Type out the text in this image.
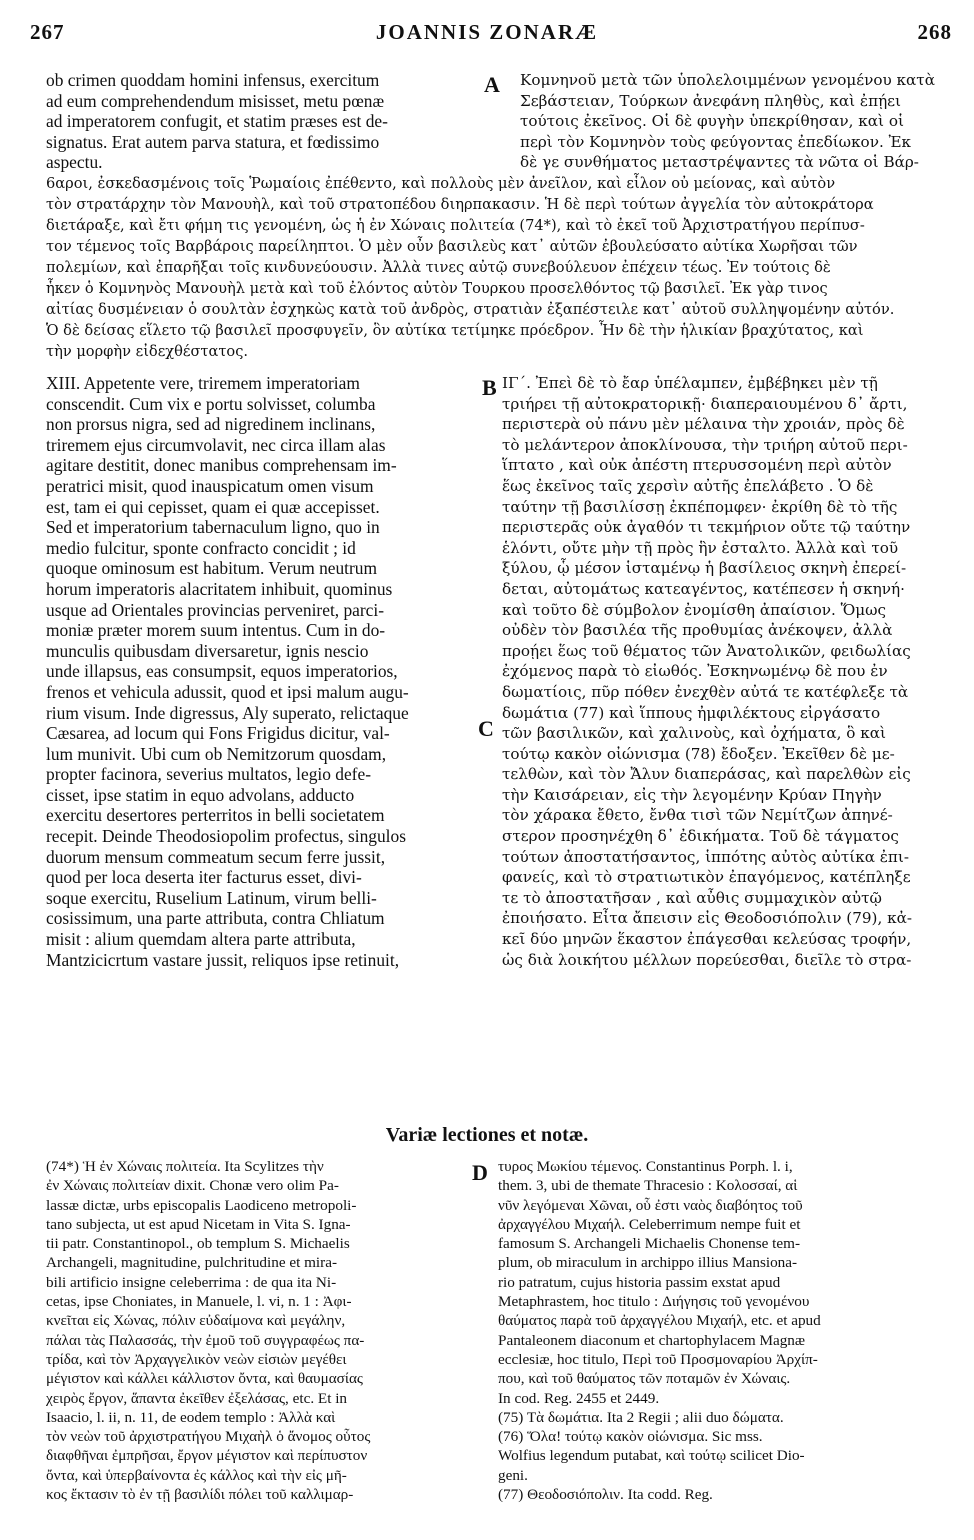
267	JOANNIS ZONARÆ	268
ob crimen quoddam homini infensus, exercitum
ad eum comprehendendum misisset, metu pœnæ
ad imperatorem confugit, et statim præses est de-
signatus. Erat autem parva statura, et fœdissimo
aspectu.
A Κομνηνοῦ μετὰ τῶν ὑπολελοιμμένων γενομένου κατὰ
Σεβάστειαν, Τούρκων ἀνεφάνη πληθὺς, καὶ ἐπῄει
τούτοις ἐκεῖνος. Οἱ δὲ φυγὴν ὑπεκρίθησαν, καὶ οἱ
περὶ τὸν Κομνηνὸν τοὺς φεύγοντας ἐπεδίωκον. Ἐκ
δὲ γε συνθήματος μεταστρέψαντες τὰ νῶτα οἱ Βάρ-
6αροι, ἐσκεδασμένοις τοῖς Ῥωμαίοις ἐπέθεντο, καὶ πολλοὺς μὲν ἀνεῖλον, καὶ εἷλον οὐ μείονας, καὶ αὐτὸν
τὸν στρατάρχην τὸν Μανουὴλ, καὶ τοῦ στρατοπέδου διηρπακασιν. Ἡ δὲ περὶ τούτων ἀγγελία τὸν αὐτοκράτορα
διετάραξε, καὶ ἔτι φήμη τις γενομένη, ὡς ἡ ἐν Χώναις πολιτεία (74*), καὶ τὸ ἐκεῖ τοῦ Ἀρχιστρατήγου περίπυσ-
τον τέμενος τοῖς Βαρβάροις παρείληπτοι. Ὁ μὲν οὖν βασιλεὺς κατ᾽ αὐτῶν ἐβουλεύσατο αὐτίκα Χωρῆσαι τῶν
πολεμίων, καὶ ἐπαρῆξαι τοῖς κινδυνεύουσιν. Ἀλλὰ τινες αὐτῷ συνεβούλευον ἐπέχειν τέως. Ἐν τούτοις δὲ
ἧκεν ὁ Κομνηνὸς Μανουὴλ μετὰ καὶ τοῦ ἐλόντος αὐτὸν Τουρκου προσελθόντος τῷ βασιλεῖ. Ἐκ γὰρ τινος
αἰτίας δυσμένειαν ὁ σουλτὰν ἐσχηκὼς κατὰ τοῦ ἀνδρὸς, στρατιὰν ἐξαπέστειλε κατ᾽ αὐτοῦ συλληψομένην αὐτόν.
Ὁ δὲ δείσας εἵλετο τῷ βασιλεῖ προσφυγεῖν, ὃν αὐτίκα τετίμηκε πρόεδρον. Ἦν δὲ τὴν ἡλικίαν βραχύτατος, καὶ
τὴν μορφὴν εἰδεχθέστατος.
XIII. Appetente vere, triremem imperatoriam
conscendit. Cum vix e portu solvisset, columba
non prorsus nigra, sed ad nigredinem inclinans,
triremem ejus circumvolavit, nec circa illam alas
agitare destitit, donec manibus comprehensam im-
peratrici misit, quod inauspicatum omen visum
est, tam ei qui cepisset, quam ei quæ accepisset.
Sed et imperatorium tabernaculum ligno, quo in
medio fulcitur, sponte confracto concidit ; id
quoque ominosum est habitum. Verum neutrum
horum imperatoris alacritatem inhibuit, quominus
usque ad Orientales provincias perveniret, parci-
moniæ præter morem suum intentus. Cum in do-
munculis quibusdam diversaretur, ignis nescio
unde illapsus, eas consumpsit, equos imperatorios,
frenos et vehicula adussit, quod et ipsi malum augu-
rium visum. Inde digressus, Aly superato, relictaque
Cæsarea, ad locum qui Fons Frigidus dicitur, val-
lum munivit. Ubi cum ob Nemitzorum quosdam,
propter facinora, severius multatos, legio defe-
cisset, ipse statim in equo advolans, adducto
exercitu desertores perterritos in belli societatem
recepit. Deinde Theodosiopolim profectus, singulos
duorum mensum commeatum secum ferre jussit,
quod per loca deserta iter facturus esset, divi-
soque exercitu, Ruselium Latinum, virum belli-
cosissimum, una parte attributa, contra Chliatum
misit : alium quemdam altera parte attributa,
Mantzicicrtum vastare jussit, reliquos ipse retinuit,
B
C
ΙΓ΄. Ἐπεὶ δὲ τὸ ἔαρ ὑπέλαμπεν, ἐμβέβηκει μὲν τῇ
τριήρει τῇ αὐτοκρατορικῇ· διαπεραιουμένου δ᾽ ἄρτι,
περιστερὰ οὐ πάνυ μὲν μέλαινα τὴν χροιάν, πρὸς δὲ
τὸ μελάντερον ἀποκλίνουσα, τὴν τριήρη αὐτοῦ περι-
ἵπτατο , καὶ οὐκ ἀπέστη πτερυσσομένη περὶ αὐτὸν
ἕως ἐκεῖνος ταῖς χερσὶν αὐτῆς ἐπελάβετο . Ὁ δὲ
ταύτην τῇ βασιλίσσῃ ἐκπέπομφεν· ἐκρίθη δὲ τὸ τῆς
περιστερᾶς οὐκ ἀγαθόν τι τεκμήριον οὔτε τῷ ταύτην
ἑλόντι, οὔτε μὴν τῇ πρὸς ἣν ἐσταλτο. Ἀλλὰ καὶ τοῦ
ξύλου, ᾧ μέσον ἱσταμένῳ ἡ βασίλειος σκηνὴ ἐπερεί-
δεται, αὐτομάτως κατεαγέντος, κατέπεσεν ἡ σκηνή·
καὶ τοῦτο δὲ σύμβολον ἐνομίσθη ἀπαίσιον. Ὅμως
οὐδὲν τὸν βασιλέα τῆς προθυμίας ἀνέκοψεν, ἀλλὰ
προῄει ἕως τοῦ θέματος τῶν Ἀνατολικῶν, φειδωλίας
ἐχόμενος παρὰ τὸ εἰωθός. Ἐσκηνωμένῳ δὲ που ἐν
δωματίοις, πῦρ πόθεν ἐνεχθὲν αὐτά τε κατέφλεξε τὰ
δωμάτια (77) καὶ ἵππους ἠμφιλέκτους εἰργάσατο
τῶν βασιλικῶν, καὶ χαλινοὺς, καὶ ὀχήματα, ὃ καὶ
τούτῳ κακὸν οἰώνισμα (78) ἔδοξεν. Ἐκεῖθεν δὲ με-
τελθὼν, καὶ τὸν Ἄλυν διαπεράσας, καὶ παρελθὼν εἰς
τὴν Καισάρειαν, εἰς τὴν λεγομένην Κρύαν Πηγὴν
τὸν χάρακα ἔθετο, ἔνθα τισὶ τῶν Νεμίτζων ἀπηνέ-
στερον προσηνέχθη δ᾽ ἐδικήματα. Τοῦ δὲ τάγματος
τούτων ἀποστατήσαντος, ἱππότης αὐτὸς αὐτίκα ἐπι-
φανείς, καὶ τὸ στρατιωτικὸν ἐπαγόμενος, κατέπληξε
τε τὸ ἀποστατῆσαν , καὶ αὖθις συμμαχικὸν αὐτῷ
ἐποιήσατο. Εἶτα ἄπεισιν εἰς Θεοδοσιόπολιν (79), κἀ-
κεῖ δύο μηνῶν ἕκαστον ἐπάγεσθαι κελεύσας τροφήν,
ὡς διὰ λοικήτου μέλλων πορεύεσθαι, διεῖλε τὸ στρα-
Variæ lectiones et notæ.
(74*) Ἡ ἐν Χώναις πολιτεία. Ita Scylitzes τὴν
ἐν Χώναις πολιτείαν dixit. Chonæ vero olim Pa-
lassæ dictæ, urbs episcopalis Laodiceno metropoli-
tano subjecta, ut est apud Nicetam in Vita S. Igna-
tii patr. Constantinopol., ob templum S. Michaelis
Archangeli, magnitudine, pulchritudine et mira-
bili artificio insigne celeberrima : de qua ita Ni-
cetas, ipse Choniates, in Manuele, l. vi, n. 1 : Ἀφι-
κνεῖται εἰς Χώνας, πόλιν εὐδαίμονα καὶ μεγάλην,
πάλαι τὰς Παλασσάς, τὴν ἐμοῦ τοῦ συγγραφέως πα-
τρίδα, καὶ τὸν Ἀρχαγγελικὸν νεὼν εἰσιὼν μεγέθει
μέγιστον καὶ κάλλει κάλλιστον ὄντα, καὶ θαυμασίας
χειρὸς ἔργον, ἅπαντα ἐκεῖθεν ἐξελάσας, etc. Et in
Isaacio, l. ii, n. 11, de eodem templo : Ἀλλὰ καὶ
τὸν νεὼν τοῦ ἀρχιστρατήγου Μιχαὴλ ὁ ἄνομος οὗτος
διαφθῆναι ἐμπρῆσαι, ἔργον μέγιστον καὶ περίπυστον
ὄντα, καὶ ὑπερβαίνοντα ἐς κάλλος καὶ τὴν εἰς μῆ-
κος ἔκτασιν τὸ ἐν τῇ βασιλίδι πόλει τοῦ καλλιμαρ-
D τυρος Μωκίου τέμενος. Constantinus Porph. l. i,
them. 3, ubi de themate Thracesio : Κολοσσαί, αἱ
νῦν λεγόμεναι Χῶναι, οὗ ἐστι ναὸς διαβόητος τοῦ
ἀρχαγγέλου Μιχαήλ. Celeberrimum nempe fuit et
famosum S. Archangeli Michaelis Chonense tem-
plum, ob miraculum in archippo illius Mansiona-
rio patratum, cujus historia passim exstat apud
Metaphrastem, hoc titulo : Διήγησις τοῦ γενομένου
θαύματος παρὰ τοῦ ἀρχαγγέλου Μιχαήλ, etc. et apud
Pantaleonem diaconum et chartophylacem Magnæ
ecclesiæ, hoc titulo, Περὶ τοῦ Προσμοναρίου Ἀρχίπ-
που, καὶ τοῦ θαύματος τῶν ποταμῶν ἐν Χώναις.
In cod. Reg. 2455 et 2449.
(75) Τὰ δωμάτια. Ita 2 Regii ; alii duo δώματα.
(76) Ὅλα! τούτῳ κακὸν οἰώνισμα. Sic mss.
Wolfius legendum putabat, καὶ τούτῳ scilicet Dio-
geni.
(77) Θεοδοσιόπολιν. Ita codd. Reg.
